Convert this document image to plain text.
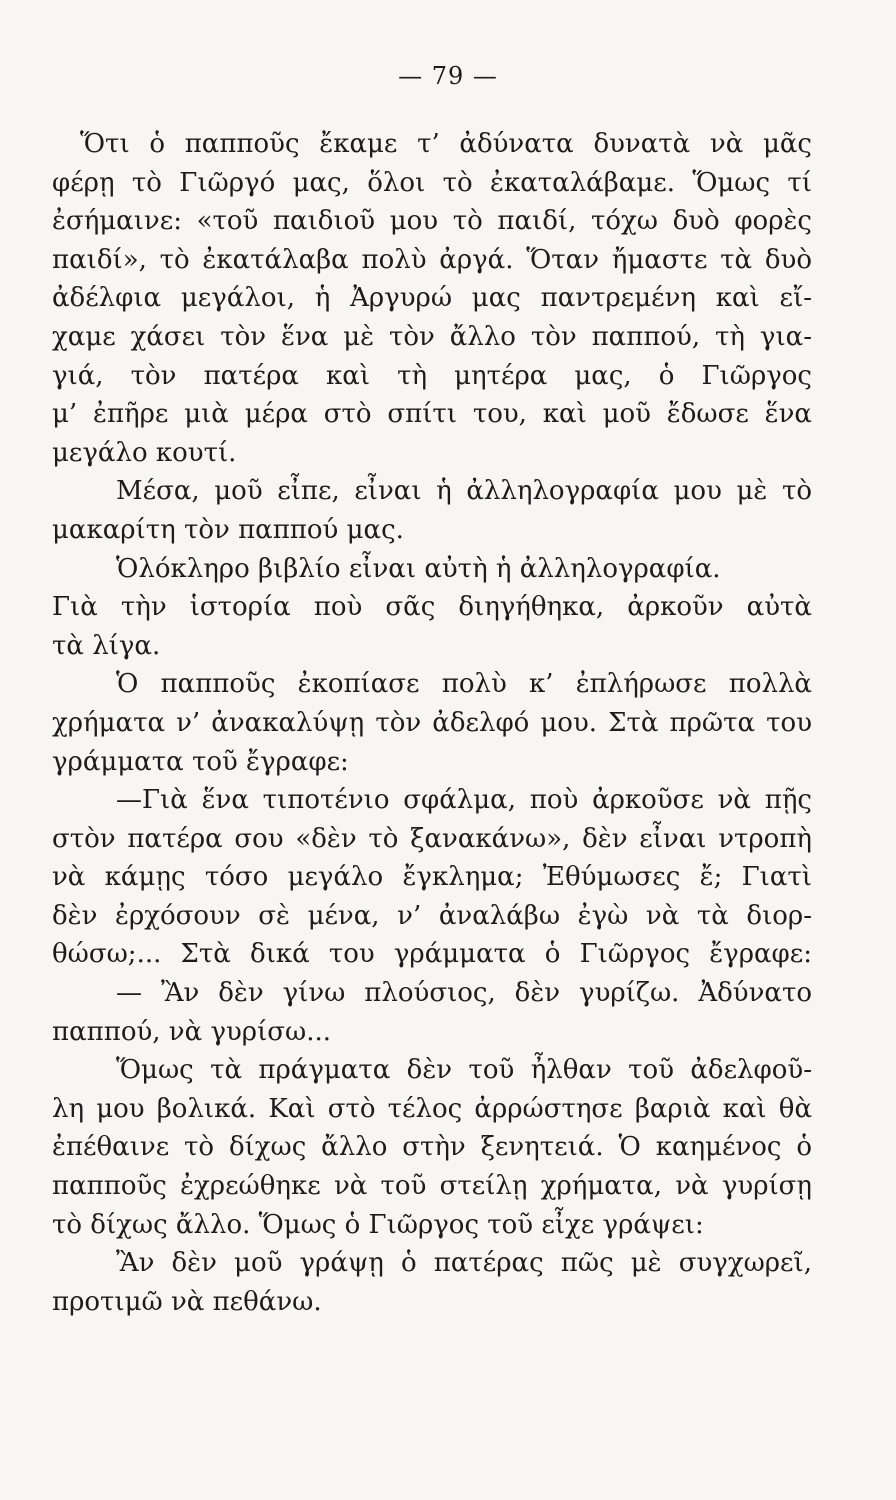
— 79 —
Ὅτι ὁ παπποῦς ἔκαμε τ’ ἀδύνατα δυνατὰ νὰ μᾶς
φέρῃ τὸ Γιῶργό μας, ὅλοι τὸ ἐκαταλάβαμε. Ὅμως τί
ἐσήμαινε: «τοῦ παιδιοῦ μου τὸ παιδί, τόχω δυὸ φορὲς
παιδί», τὸ ἐκατάλαβα πολὺ ἀργά. Ὅταν ἤμαστε τὰ δυὸ
ἀδέλφια μεγάλοι, ἡ Ἀργυρώ μας παντρεμένη καὶ εἴ-
χαμε χάσει τὸν ἕνα μὲ τὸν ἄλλο τὸν παππού, τὴ για-
γιά, τὸν πατέρα καὶ τὴ μητέρα μας, ὁ Γιῶργος
μ’ ἐπῆρε μιὰ μέρα στὸ σπίτι του, καὶ μοῦ ἔδωσε ἕνα
μεγάλο κουτί.
Μέσα, μοῦ εἶπε, εἶναι ἡ ἀλληλογραφία μου μὲ τὸ
μακαρίτη τὸν παππού μας.
Ὁλόκληρο βιβλίο εἶναι αὐτὴ ἡ ἀλληλογραφία.
Γιὰ τὴν ἱστορία ποὺ σᾶς διηγήθηκα, ἀρκοῦν αὐτὰ
τὰ λίγα.
Ὁ παπποῦς ἐκοπίασε πολὺ κ’ ἐπλήρωσε πολλὰ
χρήματα ν’ ἀνακαλύψῃ τὸν ἀδελφό μου. Στὰ πρῶτα του
γράμματα τοῦ ἔγραφε:
—Γιὰ ἕνα τιποτένιο σφάλμα, ποὺ ἀρκοῦσε νὰ πῇς
στὸν πατέρα σου «δὲν τὸ ξανακάνω», δὲν εἶναι ντροπὴ
νὰ κάμῃς τόσο μεγάλο ἔγκλημα; Ἐθύμωσες ἔ; Γιατὶ
δὲν ἐρχόσουν σὲ μένα, ν’ ἀναλάβω ἐγὼ νὰ τὰ διορ-
θώσω;... Στὰ δικά του γράμματα ὁ Γιῶργος ἔγραφε:
— Ἂν δὲν γίνω πλούσιος, δὲν γυρίζω. Ἀδύνατο
παππού, νὰ γυρίσω...
Ὅμως τὰ πράγματα δὲν τοῦ ἦλθαν τοῦ ἀδελφοῦ-
λη μου βολικά. Καὶ στὸ τέλος ἀρρώστησε βαριὰ καὶ θὰ
ἐπέθαινε τὸ δίχως ἄλλο στὴν ξενητειά. Ὁ καημένος ὁ
παπποῦς ἐχρεώθηκε νὰ τοῦ στείλῃ χρήματα, νὰ γυρίσῃ
τὸ δίχως ἄλλο. Ὅμως ὁ Γιῶργος τοῦ εἶχε γράψει:
Ἂν δὲν μοῦ γράψῃ ὁ πατέρας πῶς μὲ συγχωρεῖ,
προτιμῶ νὰ πεθάνω.
